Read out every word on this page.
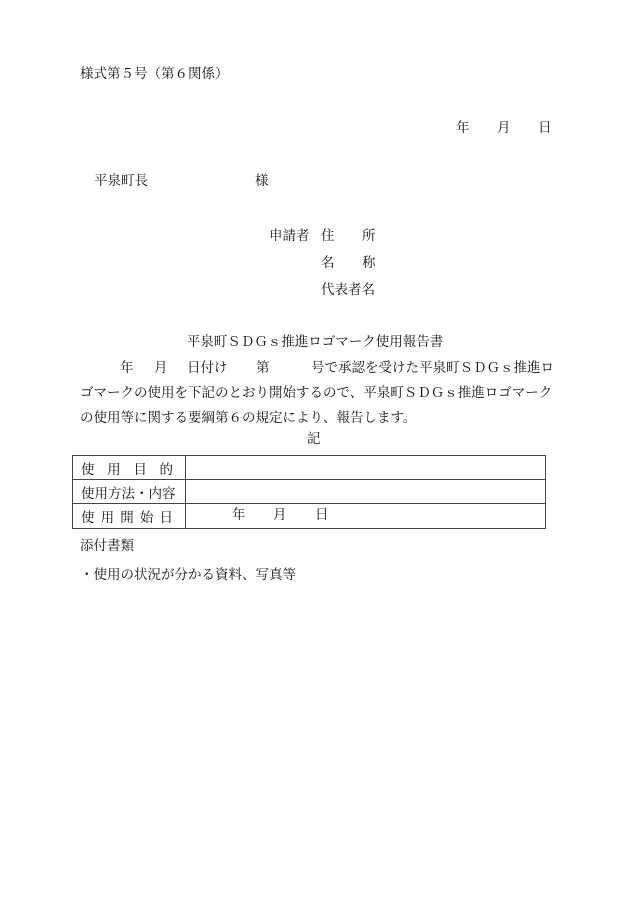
様式第５号（第６関係）
年 月 日
平泉町長	様
申請者 住 所
名 称
代表者名
平泉町ＳＤＧｓ推進ロゴマーク使用報告書

年 月 日付け 第	号で承認を受けた平泉町ＳＤＧｓ推進ロ

ゴマークの使用を下記のとおり開始するので、平泉町ＳＤＧｓ推進ロゴマーク

の使用等に関する要綱第６の規定により、報告します。

記
使 用 目 的	

使用方法・内容	

使 用 開 始 日	年 月 日
添付書類
・使用の状況が分かる資料、写真等
